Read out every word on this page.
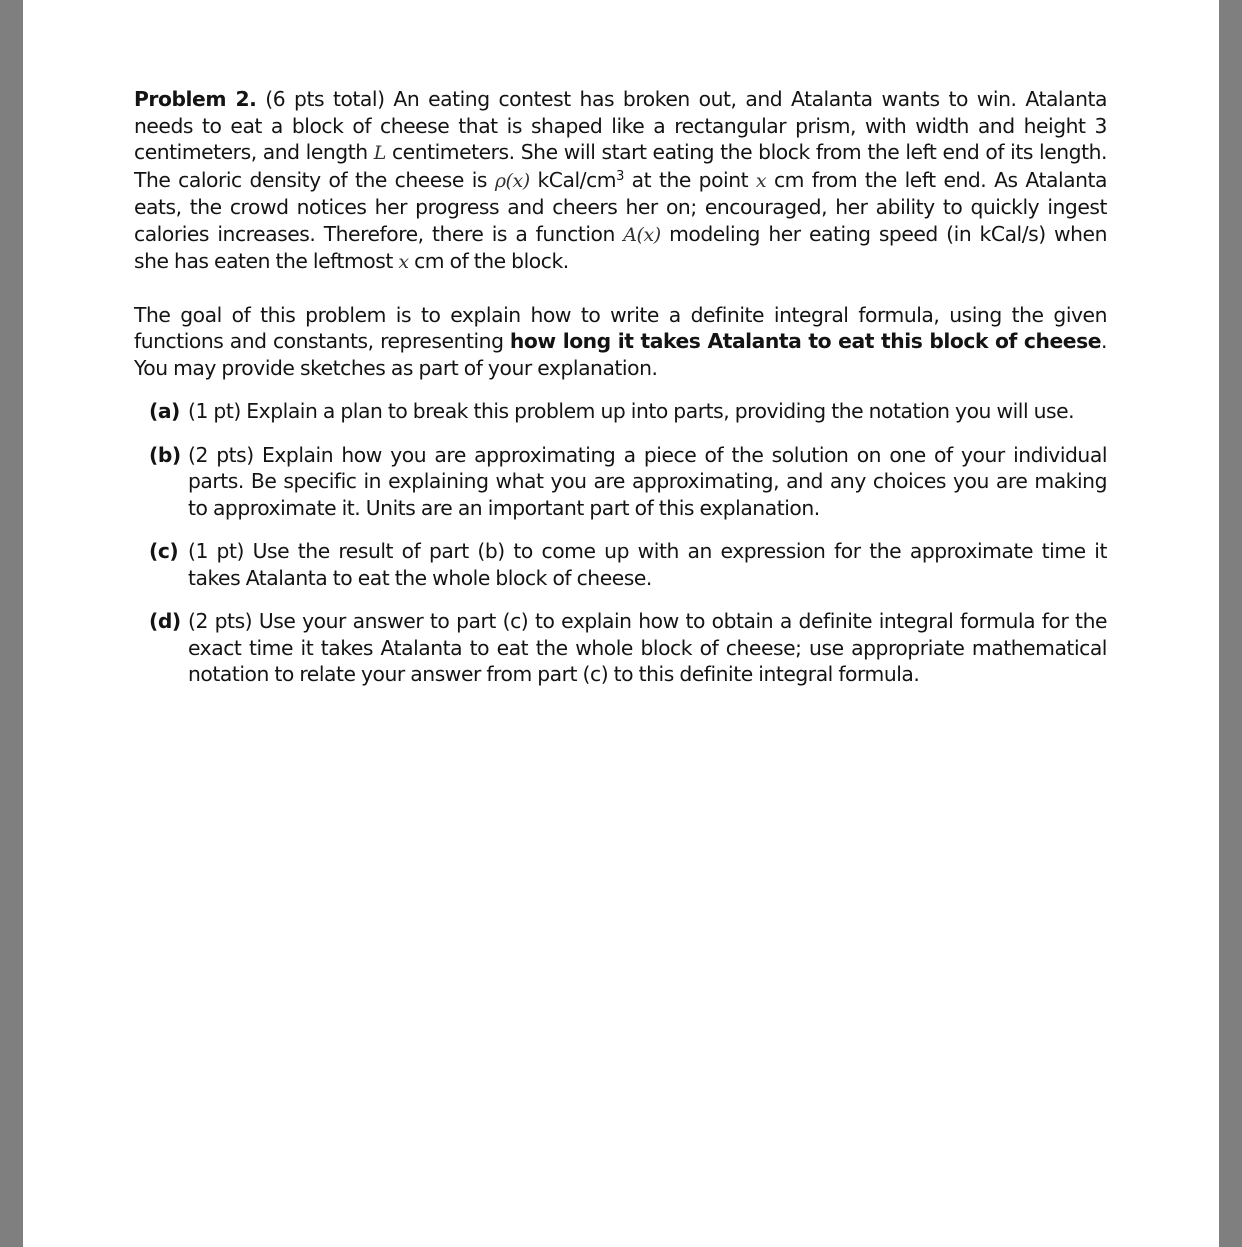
Problem 2. (6 pts total) An eating contest has broken out, and Atalanta wants to win. Atalanta needs to eat a block of cheese that is shaped like a rectangular prism, with width and height 3 centimeters, and length L centimeters. She will start eating the block from the left end of its length. The caloric density of the cheese is ρ(x) kCal/$cm^3$ at the point x cm from the left end. As Atalanta eats, the crowd notices her progress and cheers her on; encouraged, her ability to quickly ingest calories increases. Therefore, there is a function A(x) modeling her eating speed (in kCal/s) when she has eaten the leftmost x cm of the block.

The goal of this problem is to explain how to write a definite integral formula, using the given functions and constants, representing how long it takes Atalanta to eat this block of cheese. You may provide sketches as part of your explanation.

(a) (1 pt) Explain a plan to break this problem up into parts, providing the notation you will use.
(b) (2 pts) Explain how you are approximating a piece of the solution on one of your individual parts. Be specific in explaining what you are approximating, and any choices you are making to approximate it. Units are an important part of this explanation.
(c) (1 pt) Use the result of part (b) to come up with an expression for the approximate time it takes Atalanta to eat the whole block of cheese.
(d) (2 pts) Use your answer to part (c) to explain how to obtain a definite integral formula for the exact time it takes Atalanta to eat the whole block of cheese; use appropriate mathematical notation to relate your answer from part (c) to this definite integral formula.
